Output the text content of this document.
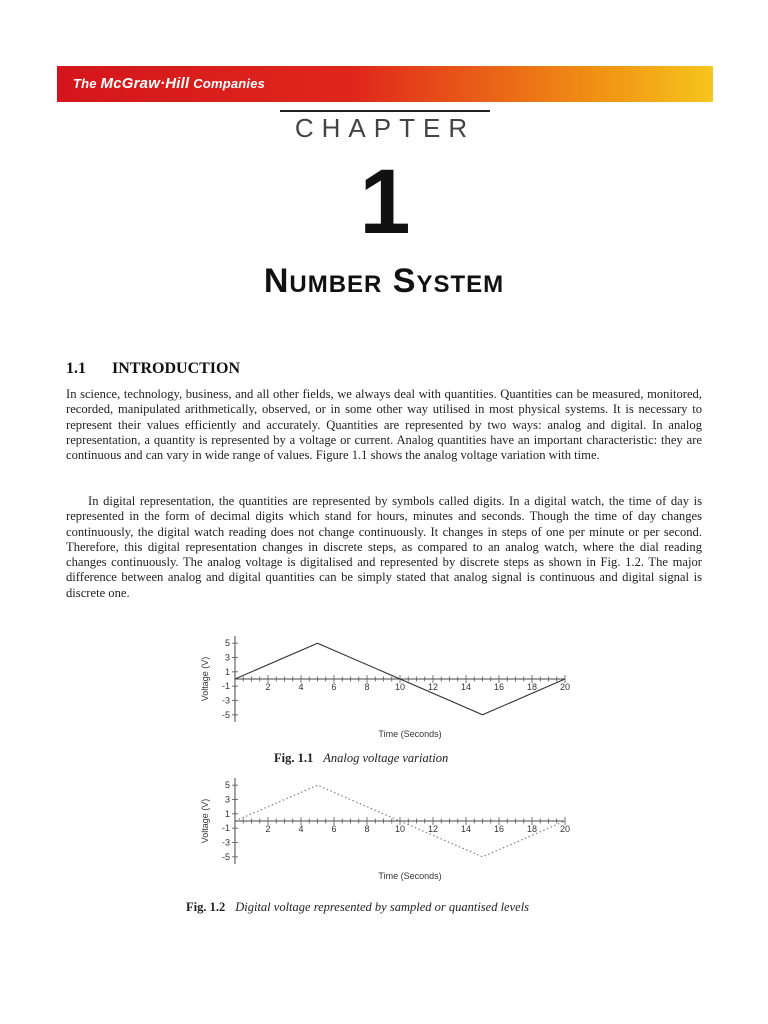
The McGraw·Hill Companies
CHAPTER
1
Number System
1.1 INTRODUCTION

In science, technology, business, and all other fields, we always deal with quantities. Quantities can be measured, monitored, recorded, manipulated arithmetically, observed, or in some other way utilised in most physical systems. It is necessary to represent their values efficiently and accurately. Quantities are represented by two ways: analog and digital. In analog representation, a quantity is represented by a voltage or current. Analog quantities have an important characteristic: they are continuous and can vary in wide range of values. Figure 1.1 shows the analog voltage variation with time.

In digital representation, the quantities are represented by symbols called digits. In a digital watch, the time of day is represented in the form of decimal digits which stand for hours, minutes and seconds. Though the time of day changes continuously, the digital watch reading does not change continuously. It changes in steps of one per minute or per second. Therefore, this digital representation changes in discrete steps, as compared to an analog watch, where the dial reading changes continuously. The analog voltage is digitalised and represented by discrete steps as shown in Fig. 1.2. The major difference between analog and digital quantities can be simply stated that analog signal is continuous and digital signal is discrete one.

2	4	6	8	10	12	14	16	18	20
5
3
1
-1
-3
-5
Voltage (V)
Time (Seconds)
Fig. 1.1 Analog voltage variation
2	4	6	8	10	12	14	16	18	20
5
3
1
-1
-3
-5
Voltage (V)
Time (Seconds)
Fig. 1.2 Digital voltage represented by sampled or quantised levels
